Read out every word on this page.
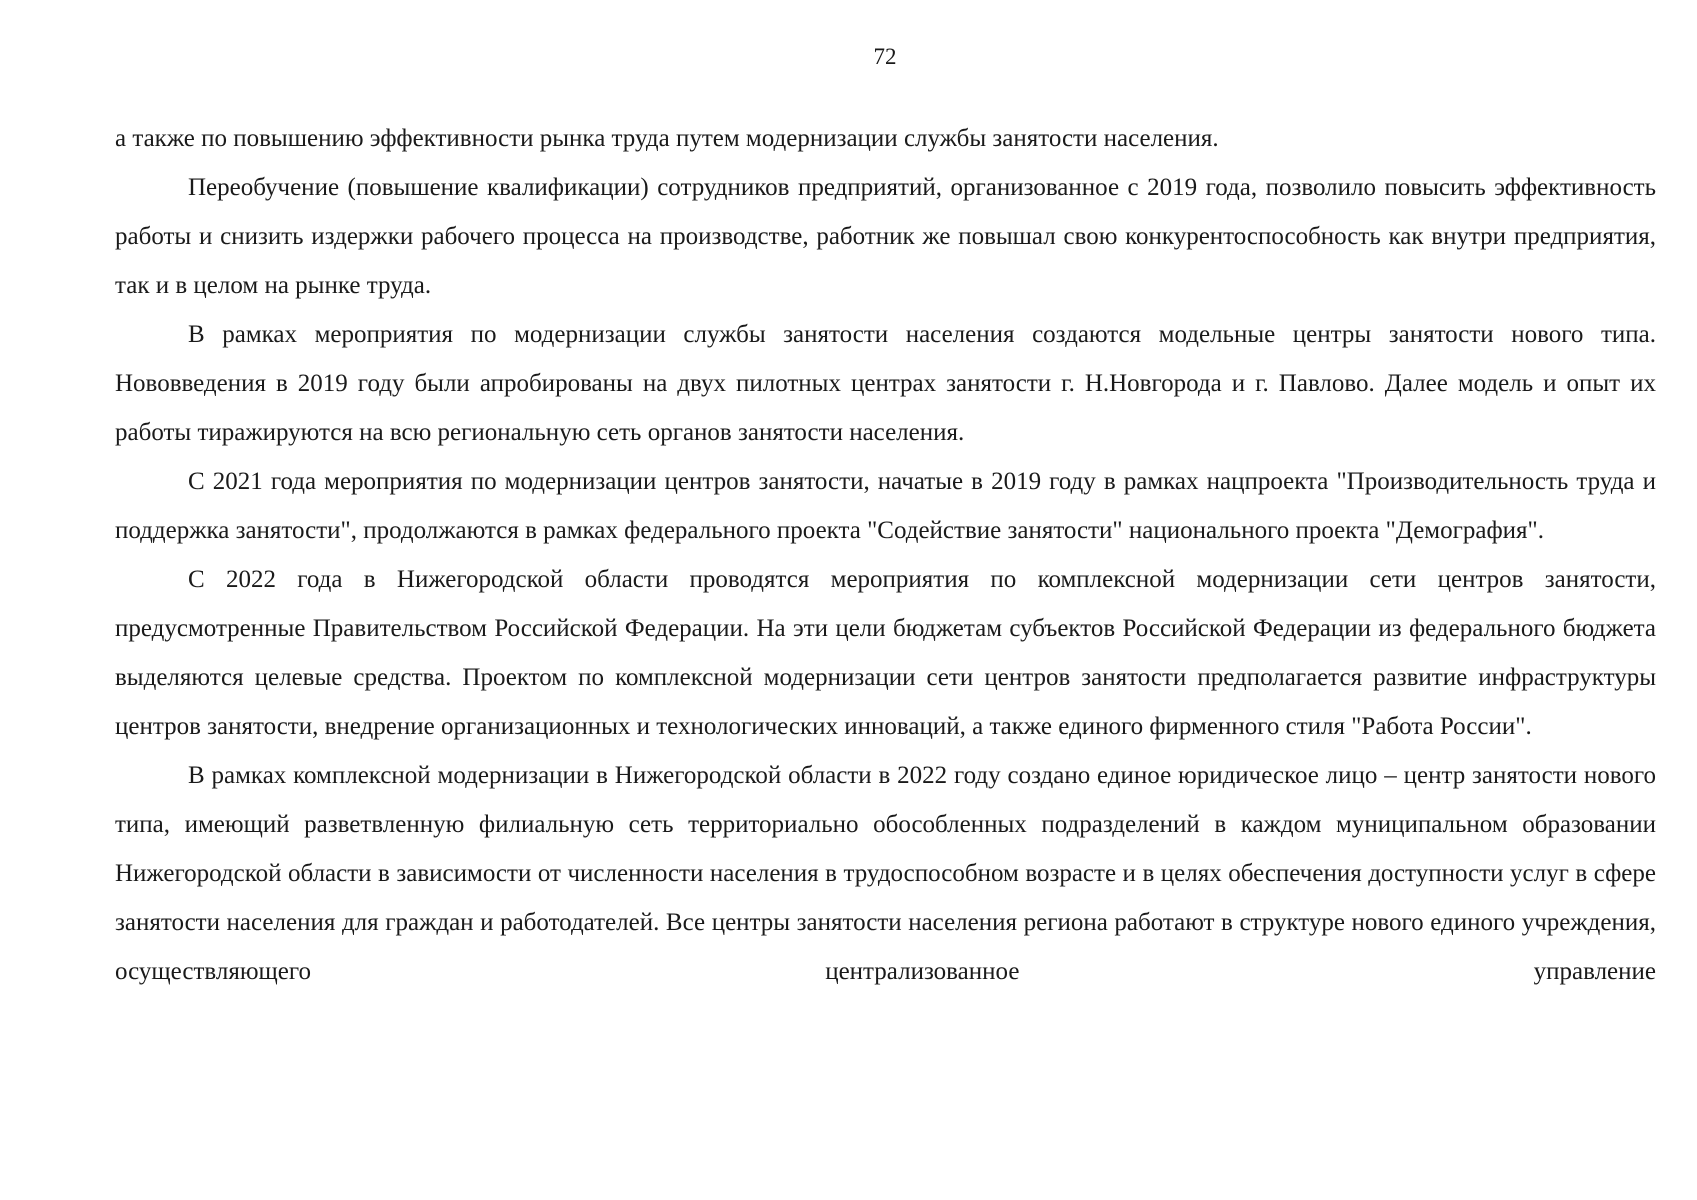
72

а также по повышению эффективности рынка труда путем модернизации службы занятости населения.

Переобучение (повышение квалификации) сотрудников предприятий, организованное с 2019 года, позволило повысить эффективность работы и снизить издержки рабочего процесса на производстве, работник же повышал свою конкурентоспособность как внутри предприятия, так и в целом на рынке труда.

В рамках мероприятия по модернизации службы занятости населения создаются модельные центры занятости нового типа. Нововведения в 2019 году были апробированы на двух пилотных центрах занятости г. Н.Новгорода и г. Павлово. Далее модель и опыт их работы тиражируются на всю региональную сеть органов занятости населения.

С 2021 года мероприятия по модернизации центров занятости, начатые в 2019 году в рамках нацпроекта "Производительность труда и поддержка занятости", продолжаются в рамках федерального проекта "Содействие занятости" национального проекта "Демография".

С 2022 года в Нижегородской области проводятся мероприятия по комплексной модернизации сети центров занятости, предусмотренные Правительством Российской Федерации. На эти цели бюджетам субъектов Российской Федерации из федерального бюджета выделяются целевые средства. Проектом по комплексной модернизации сети центров занятости предполагается развитие инфраструктуры центров занятости, внедрение организационных и технологических инноваций, а также единого фирменного стиля "Работа России".

В рамках комплексной модернизации в Нижегородской области в 2022 году создано единое юридическое лицо – центр занятости нового типа, имеющий разветвленную филиальную сеть территориально обособленных подразделений в каждом муниципальном образовании Нижегородской области в зависимости от численности населения в трудоспособном возрасте и в целях обеспечения доступности услуг в сфере занятости населения для граждан и работодателей. Все центры занятости населения региона работают в структуре нового единого учреждения, осуществляющего централизованное управление
